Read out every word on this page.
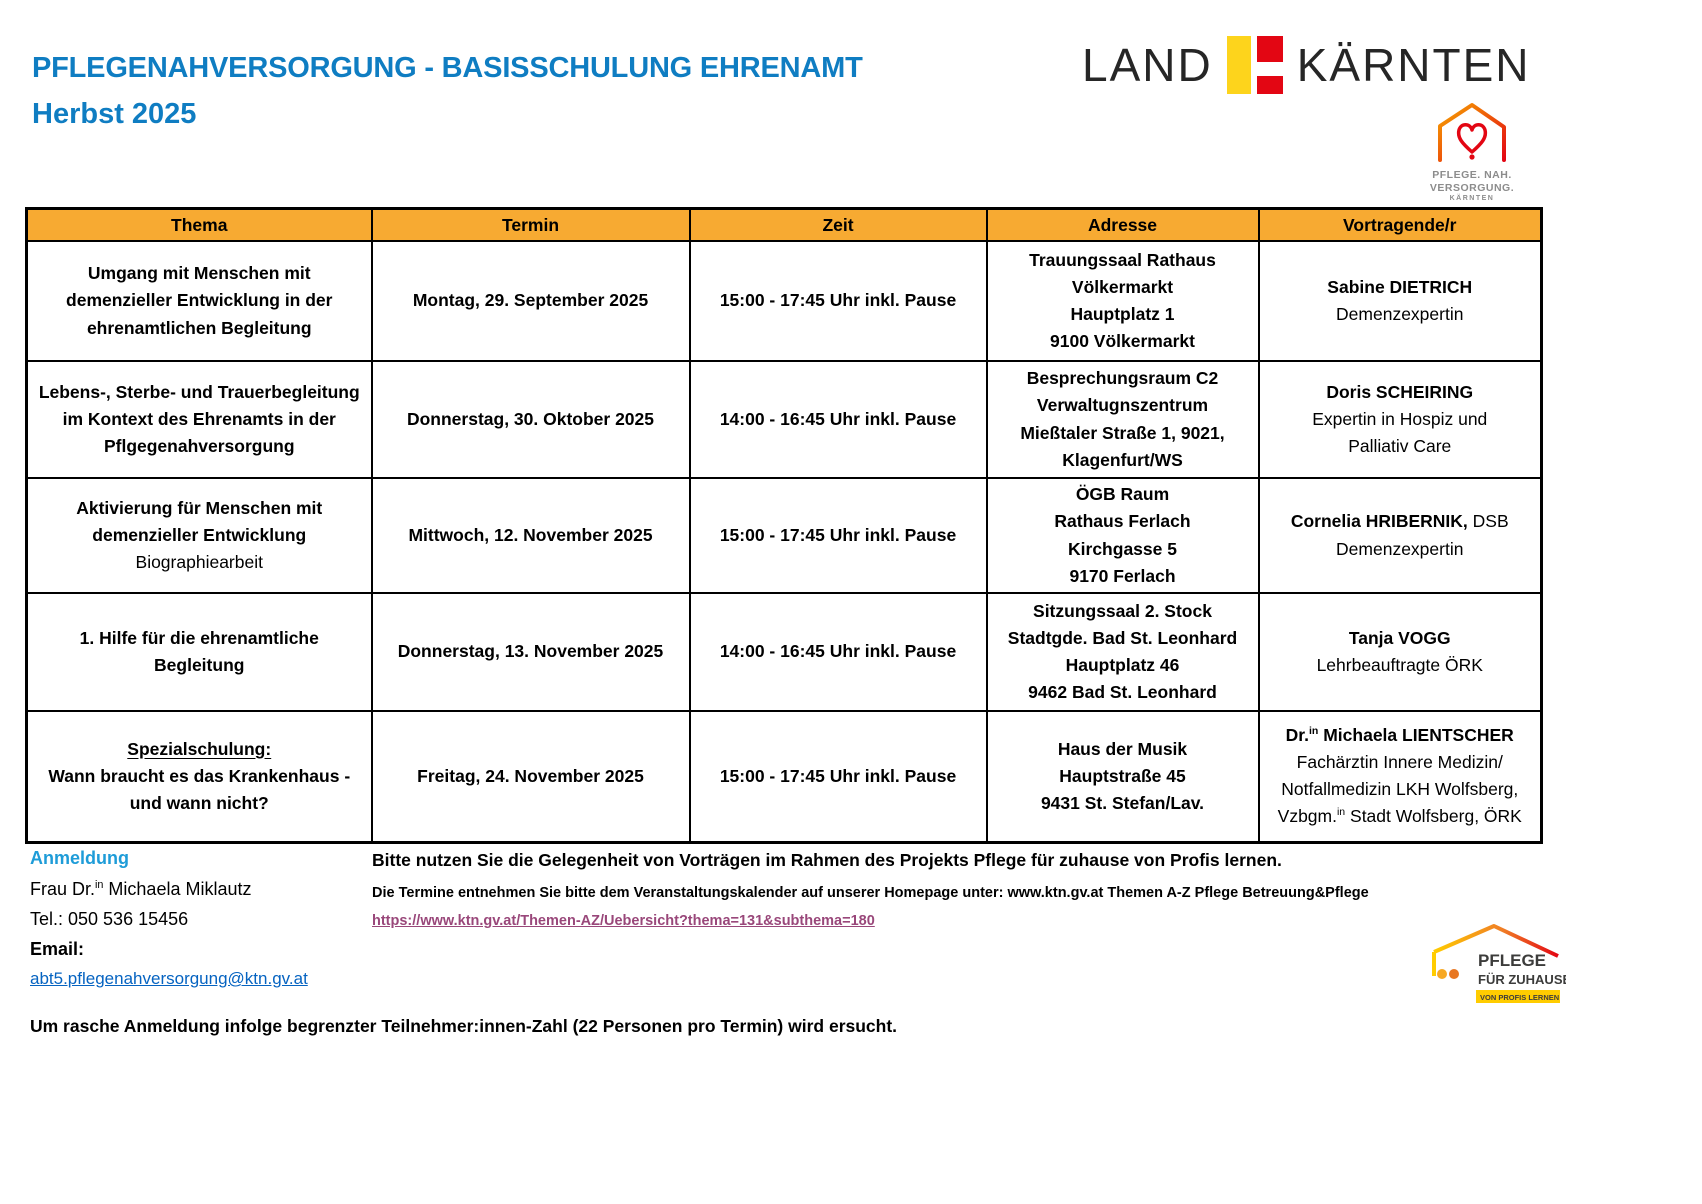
PFLEGENAHVERSORGUNG - BASISSCHULUNG EHRENAMT
Herbst 2025
LAND KÄRNTEN
PFLEGE. NAH.
VERSORGUNG.
KÄRNTEN
Thema	Termin	Zeit	Adresse	Vortragende/r
Umgang mit Menschen mit
demenzieller Entwicklung in der
ehrenamtlichen Begleitung	Montag, 29. September 2025	15:00 - 17:45 Uhr inkl. Pause	Trauungssaal Rathaus
Völkermarkt
Hauptplatz 1
9100 Völkermarkt	Sabine DIETRICH
Demenzexpertin
Lebens-, Sterbe- und Trauerbegleitung
im Kontext des Ehrenamts in der
Pflgegenahversorgung	Donnerstag, 30. Oktober 2025	14:00 - 16:45 Uhr inkl. Pause	Besprechungsraum C2
Verwaltugnszentrum
Mießtaler Straße 1, 9021,
Klagenfurt/WS	Doris SCHEIRING
Expertin in Hospiz und
Palliativ Care
Aktivierung für Menschen mit
demenzieller Entwicklung
Biographiearbeit	Mittwoch, 12. November 2025	15:00 - 17:45 Uhr inkl. Pause	ÖGB Raum
Rathaus Ferlach
Kirchgasse 5
9170 Ferlach	Cornelia HRIBERNIK, DSB
Demenzexpertin
1. Hilfe für die ehrenamtliche
Begleitung	Donnerstag, 13. November 2025	14:00 - 16:45 Uhr inkl. Pause	Sitzungssaal 2. Stock
Stadtgde. Bad St. Leonhard
Hauptplatz 46
9462 Bad St. Leonhard	Tanja VOGG
Lehrbeauftragte ÖRK
Spezialschulung:
Wann braucht es das Krankenhaus -
und wann nicht?	Freitag, 24. November 2025	15:00 - 17:45 Uhr inkl. Pause	Haus der Musik
Hauptstraße 45
9431 St. Stefan/Lav.	Dr.$^{in}$ Michaela LIENTSCHER
Fachärztin Innere Medizin/
Notfallmedizin LKH Wolfsberg,
Vzbgm.$^{in}$ Stadt Wolfsberg, ÖRK
Anmeldung
Frau Dr.$^{in}$ Michaela Miklautz
Tel.: 050 536 15456
Email:
abt5.pflegenahversorgung@ktn.gv.at
Bitte nutzen Sie die Gelegenheit von Vorträgen im Rahmen des Projekts Pflege für zuhause von Profis lernen.
Die Termine entnehmen Sie bitte dem Veranstaltungskalender auf unserer Homepage unter: www.ktn.gv.at Themen A-Z Pflege Betreuung&Pflege
https://www.ktn.gv.at/Themen-AZ/Uebersicht?thema=131&subthema=180
PFLEGE
FÜR ZUHAUSE
VON PROFIS LERNEN
Um rasche Anmeldung infolge begrenzter Teilnehmer:innen-Zahl (22 Personen pro Termin) wird ersucht.
